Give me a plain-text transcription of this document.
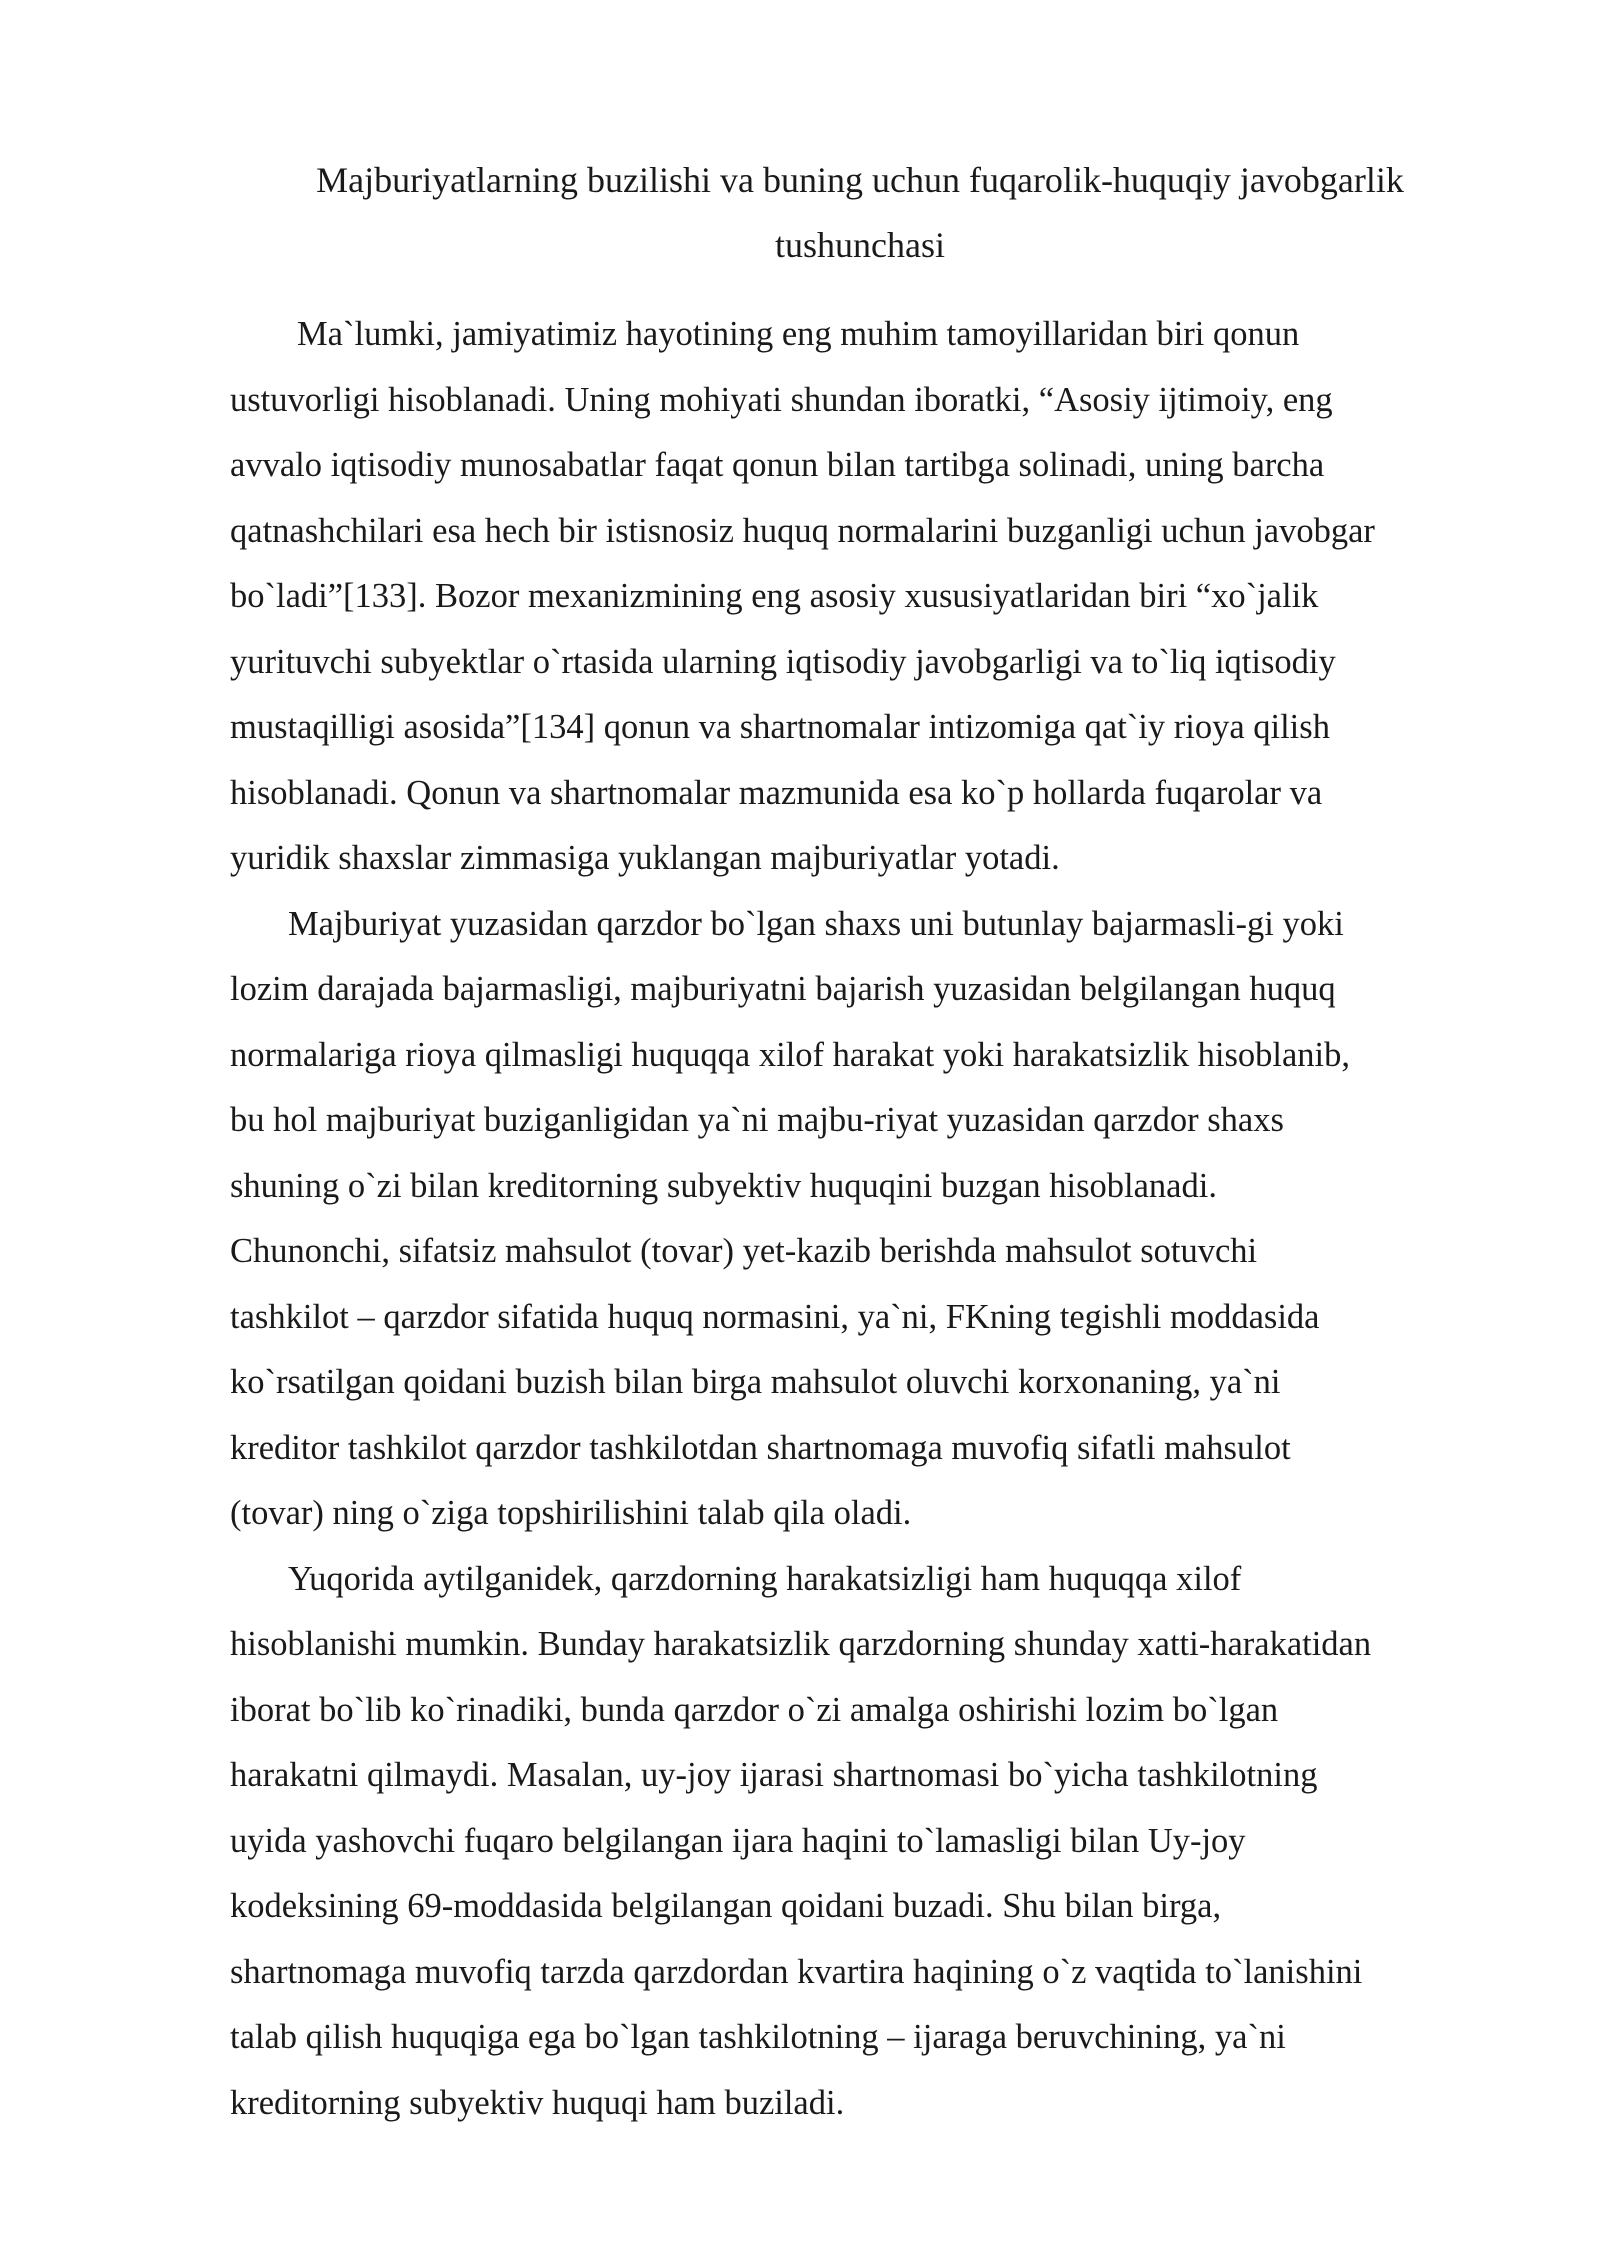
Majburiyatlarning buzilishi va buning uchun fuqarolik-huquqiy javobgarlik
tushunchasi

Ma`lumki, jamiyatimiz hayotining eng muhim tamoyillaridan biri qonun
ustuvorligi hisoblanadi. Uning mohiyati shundan iboratki, “Asosiy ijtimoiy, eng
avvalo iqtisodiy munosabatlar faqat qonun bilan tartibga solinadi, uning barcha
qatnashchilari esa hech bir istisnosiz huquq normalarini buzganligi uchun javobgar
bo`ladi”[133]. Bozor mexanizmining eng asosiy xususiyatlaridan biri “xo`jalik
yurituvchi subyektlar o`rtasida ularning iqtisodiy javobgarligi va to`liq iqtisodiy
mustaqilligi asosida”[134] qonun va shartnomalar intizomiga qat`iy rioya qilish
hisoblanadi. Qonun va shartnomalar mazmunida esa ko`p hollarda fuqarolar va
yuridik shaxslar zimmasiga yuklangan majburiyatlar yotadi.

Majburiyat yuzasidan qarzdor bo`lgan shaxs uni butunlay bajarmasli-gi yoki
lozim darajada bajarmasligi, majburiyatni bajarish yuzasidan belgilangan huquq
normalariga rioya qilmasligi huquqqa xilof harakat yoki harakatsizlik hisoblanib,
bu hol majburiyat buziganligidan ya`ni majbu-riyat yuzasidan qarzdor shaxs
shuning o`zi bilan kreditorning subyektiv huquqini buzgan hisoblanadi.
Chunonchi, sifatsiz mahsulot (tovar) yet-kazib berishda mahsulot sotuvchi
tashkilot – qarzdor sifatida huquq normasini, ya`ni, FKning tegishli moddasida
ko`rsatilgan qoidani buzish bilan birga mahsulot oluvchi korxonaning, ya`ni
kreditor tashkilot qarzdor tashkilotdan shartnomaga muvofiq sifatli mahsulot
(tovar) ning o`ziga topshirilishini talab qila oladi.

Yuqorida aytilganidek, qarzdorning harakatsizligi ham huquqqa xilof
hisoblanishi mumkin. Bunday harakatsizlik qarzdorning shunday xatti-harakatidan
iborat bo`lib ko`rinadiki, bunda qarzdor o`zi amalga oshirishi lozim bo`lgan
harakatni qilmaydi. Masalan, uy-joy ijarasi shartnomasi bo`yicha tashkilotning
uyida yashovchi fuqaro belgilangan ijara haqini to`lamasligi bilan Uy-joy
kodeksining 69-moddasida belgilangan qoidani buzadi. Shu bilan birga,
shartnomaga muvofiq tarzda qarzdordan kvartira haqining o`z vaqtida to`lanishini
talab qilish huquqiga ega bo`lgan tashkilotning – ijaraga beruvchining, ya`ni
kreditorning subyektiv huquqi ham buziladi.
